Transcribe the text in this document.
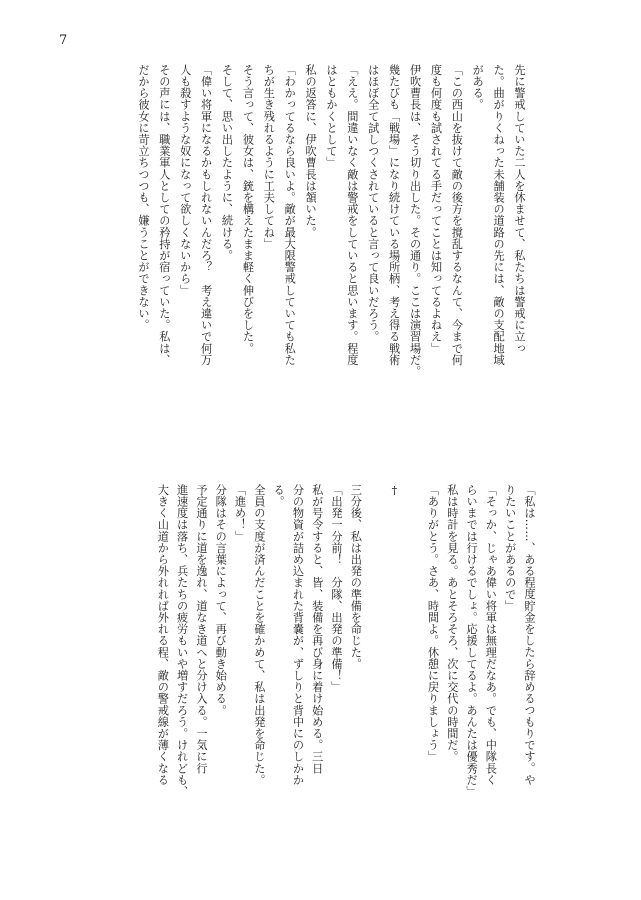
7
先に警戒していた二人を休ませて、私たちは警戒に立っ
た。曲がりくねった未舗装の道路の先には、敵の支配地域
がある。
「この西山を抜けて敵の後方を撹乱するなんて、今まで何
度も何度も試されてる手だってことは知ってるよねえ」
伊吹曹長は、そう切り出した。その通り。ここは演習場だ。
幾たびも「戦場」になり続けている場所柄、考え得る戦術
はほぼ全て試しつくされていると言って良いだろう。
「ええ。間違いなく敵は警戒をしていると思います。程度
はともかくとして」
私の返答に、伊吹曹長は頷いた。
「わかってるなら良いよ。敵が最大限警戒していても私た
ちが生き残れるように工夫してね」
そう言って、彼女は、銃を構えたまま軽く伸びをした。
そして、思い出したように、続ける。
「偉い将軍になるかもしれないんだろ？　考え違いで何万
人も殺すような奴になって欲しくないから」
その声には、職業軍人としての矜持が宿っていた。私は、
だから彼女に苛立ちつつも、嫌うことができない。
「私は……、ある程度貯金をしたら辞めるつもりです。や
りたいことがあるので」
「そっか、じゃあ偉い将軍は無理だなあ。でも、中隊長く
らいまでは行けるでしょ。応援してるよ。あんたは優秀だ」
私は時計を見る。あとそろそろ、次に交代の時間だ。
「ありがとう。さあ、時間よ。休憩に戻りましょう」
†
三分後、私は出発の準備を命じた。
「出発一分前！　分隊、出発の準備！」
私が号令すると、皆、装備を再び身に着け始める。三日
分の物資が詰め込まれた背嚢が、ずしりと背中にのしかか
る。
全員の支度が済んだことを確かめて、私は出発を命じた。
「進め！」
分隊はその言葉によって、再び動き始める。
予定通りに道を逸れ、道なき道へと分け入る。一気に行
進速度は落ち、兵たちの疲労もいや増すだろう。けれども、
大きく山道から外れれば外れる程、敵の警戒線が薄くなる
